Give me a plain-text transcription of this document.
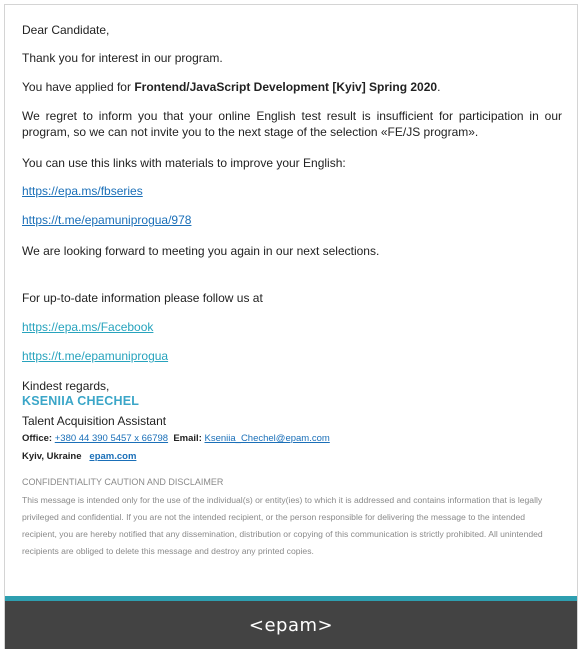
Dear Candidate,
Thank you for interest in our program.
You have applied for Frontend/JavaScript Development [Kyiv] Spring 2020.
We regret to inform you that your online English test result is insufficient for participation in our program, so we can not invite you to the next stage of the selection «FE/JS program».
You can use this links with materials to improve your English:
https://epa.ms/fbseries
https://t.me/epamuniprogua/978
We are looking forward to meeting you again in our next selections.
For up-to-date information please follow us at
https://epa.ms/Facebook
https://t.me/epamuniprogua
Kindest regards,
KSENIIA CHECHEL
Talent Acquisition Assistant
Office: +380 44 390 5457 x 66798 Email: Kseniia_Chechel@epam.com
Kyiv, Ukraine epam.com
CONFIDENTIALITY CAUTION AND DISCLAIMER
This message is intended only for the use of the individual(s) or entity(ies) to which it is addressed and contains information that is legally privileged and confidential. If you are not the intended recipient, or the person responsible for delivering the message to the intended recipient, you are hereby notified that any dissemination, distribution or copying of this communication is strictly prohibited. All unintended recipients are obliged to delete this message and destroy any printed copies.
<epam>
